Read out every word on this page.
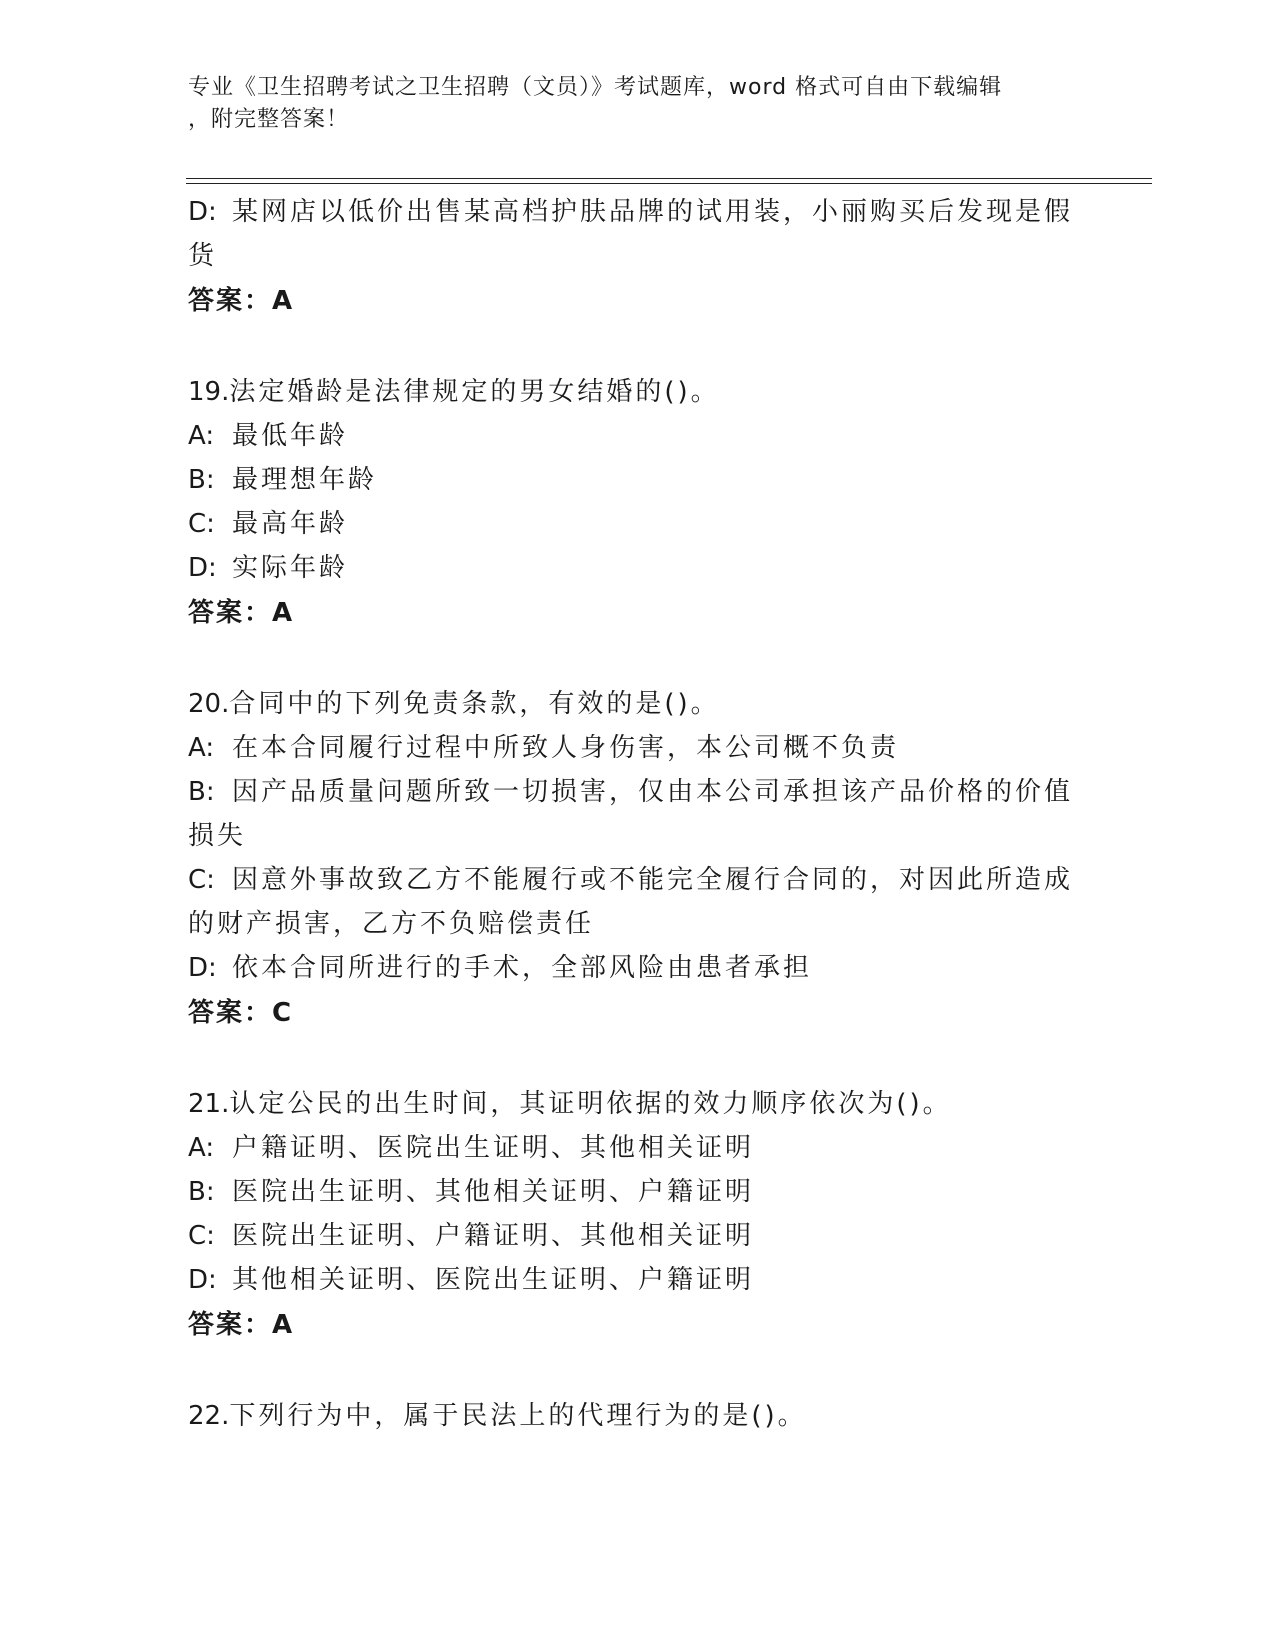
专业《卫生招聘考试之卫生招聘（文员）》考试题库，word 格式可自由下载编辑
，附完整答案！
D: 某网店以低价出售某高档护肤品牌的试用装，小丽购买后发现是假
货
答案：A
19.法定婚龄是法律规定的男女结婚的()。
A: 最低年龄
B: 最理想年龄
C: 最高年龄
D: 实际年龄
答案：A
20.合同中的下列免责条款，有效的是()。
A: 在本合同履行过程中所致人身伤害，本公司概不负责
B: 因产品质量问题所致一切损害，仅由本公司承担该产品价格的价值
损失
C: 因意外事故致乙方不能履行或不能完全履行合同的，对因此所造成
的财产损害，乙方不负赔偿责任
D: 依本合同所进行的手术，全部风险由患者承担
答案：C
21.认定公民的出生时间，其证明依据的效力顺序依次为()。
A: 户籍证明、医院出生证明、其他相关证明
B: 医院出生证明、其他相关证明、户籍证明
C: 医院出生证明、户籍证明、其他相关证明
D: 其他相关证明、医院出生证明、户籍证明
答案：A
22.下列行为中，属于民法上的代理行为的是()。
